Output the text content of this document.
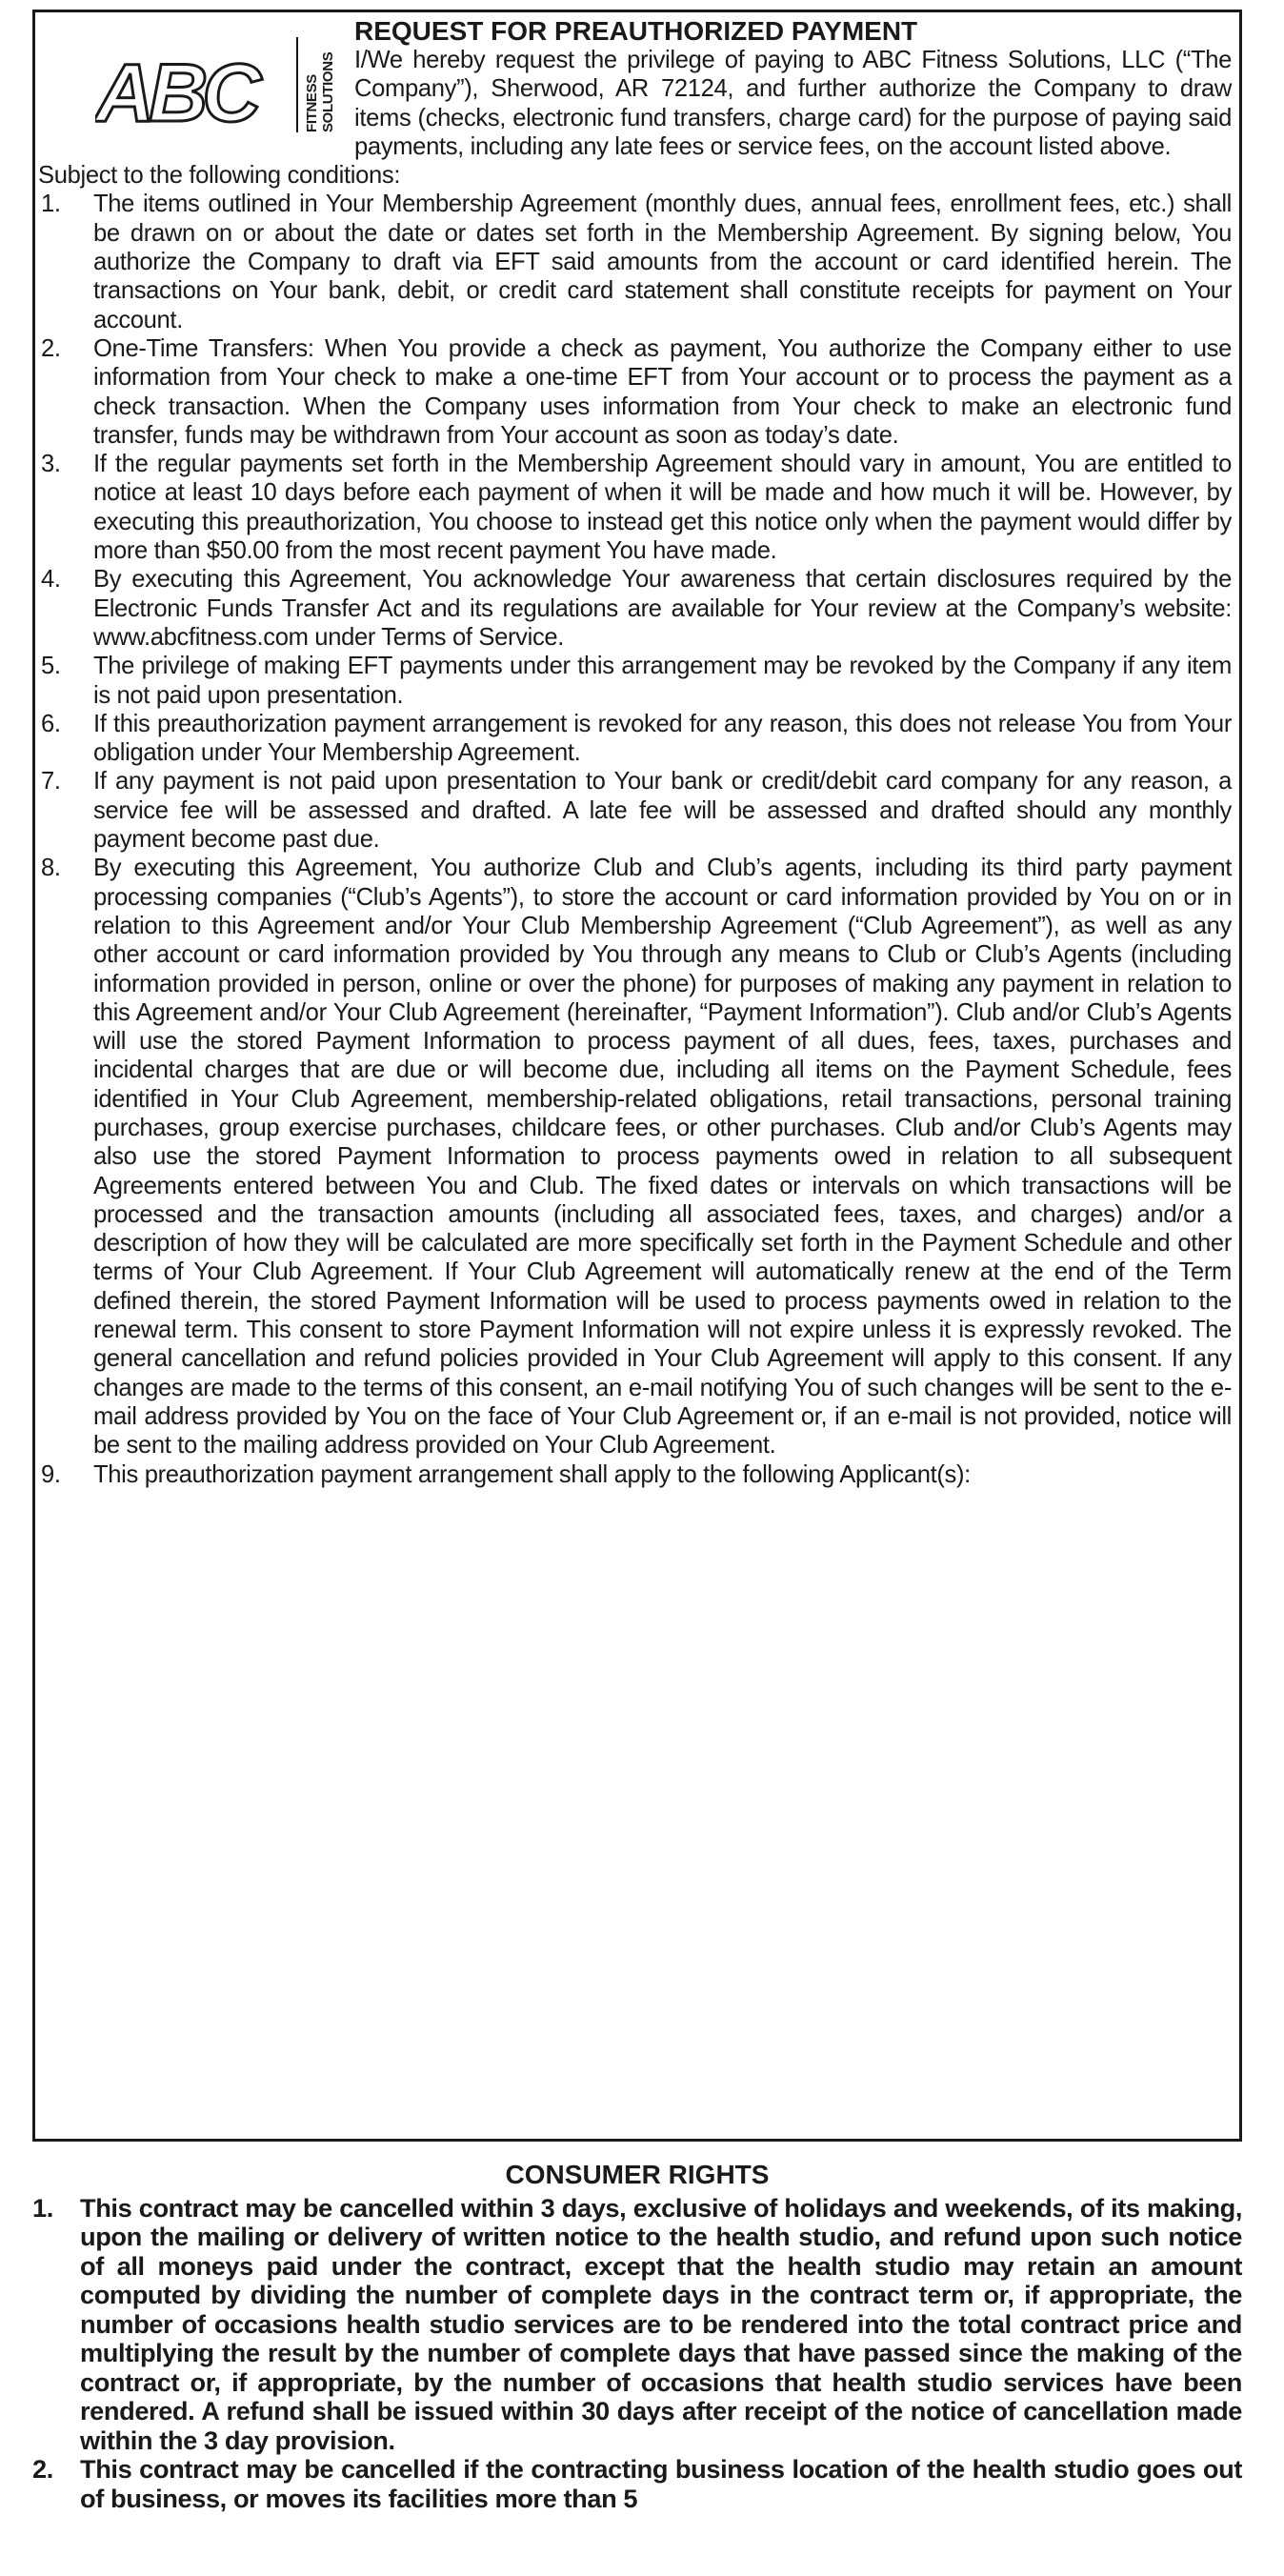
ABC	FITNESS SOLUTIONS
REQUEST FOR PREAUTHORIZED PAYMENT
I/We hereby request the privilege of paying to ABC Fitness Solutions, LLC (“The Company”), Sherwood, AR 72124, and further authorize the Company to draw items (checks, electronic fund transfers, charge card) for the purpose of paying said payments, including any late fees or service fees, on the account listed above.
Subject to the following conditions:
1. The items outlined in Your Membership Agreement (monthly dues, annual fees, enrollment fees, etc.) shall be drawn on or about the date or dates set forth in the Membership Agreement. By signing below, You authorize the Company to draft via EFT said amounts from the account or card identified herein. The transactions on Your bank, debit, or credit card statement shall constitute receipts for payment on Your account.
2. One-Time Transfers: When You provide a check as payment, You authorize the Company either to use information from Your check to make a one-time EFT from Your account or to process the payment as a check transaction. When the Company uses information from Your check to make an electronic fund transfer, funds may be withdrawn from Your account as soon as today’s date.
3. If the regular payments set forth in the Membership Agreement should vary in amount, You are entitled to notice at least 10 days before each payment of when it will be made and how much it will be. However, by executing this preauthorization, You choose to instead get this notice only when the payment would differ by more than $50.00 from the most recent payment You have made.
4. By executing this Agreement, You acknowledge Your awareness that certain disclosures required by the Electronic Funds Transfer Act and its regulations are available for Your review at the Company’s website: www.abcfitness.com under Terms of Service.
5. The privilege of making EFT payments under this arrangement may be revoked by the Company if any item is not paid upon presentation.
6. If this preauthorization payment arrangement is revoked for any reason, this does not release You from Your obligation under Your Membership Agreement.
7. If any payment is not paid upon presentation to Your bank or credit/debit card company for any reason, a service fee will be assessed and drafted. A late fee will be assessed and drafted should any monthly payment become past due.
8. By executing this Agreement, You authorize Club and Club’s agents, including its third party payment processing companies (“Club’s Agents”), to store the account or card information provided by You on or in relation to this Agreement and/or Your Club Membership Agreement (“Club Agreement”), as well as any other account or card information provided by You through any means to Club or Club’s Agents (including information provided in person, online or over the phone) for purposes of making any payment in relation to this Agreement and/or Your Club Agreement (hereinafter, “Payment Information”). Club and/or Club’s Agents will use the stored Payment Information to process payment of all dues, fees, taxes, purchases and incidental charges that are due or will become due, including all items on the Payment Schedule, fees identified in Your Club Agreement, membership-related obligations, retail transactions, personal training purchases, group exercise purchases, childcare fees, or other purchases. Club and/or Club’s Agents may also use the stored Payment Information to process payments owed in relation to all subsequent Agreements entered between You and Club. The fixed dates or intervals on which transactions will be processed and the transaction amounts (including all associated fees, taxes, and charges) and/or a description of how they will be calculated are more specifically set forth in the Payment Schedule and other terms of Your Club Agreement. If Your Club Agreement will automatically renew at the end of the Term defined therein, the stored Payment Information will be used to process payments owed in relation to the renewal term. This consent to store Payment Information will not expire unless it is expressly revoked. The general cancellation and refund policies provided in Your Club Agreement will apply to this consent. If any changes are made to the terms of this consent, an e-mail notifying You of such changes will be sent to the e-mail address provided by You on the face of Your Club Agreement or, if an e-mail is not provided, notice will be sent to the mailing address provided on Your Club Agreement.
9. This preauthorization payment arrangement shall apply to the following Applicant(s):
CONSUMER RIGHTS
1. This contract may be cancelled within 3 days, exclusive of holidays and weekends, of its making, upon the mailing or delivery of written notice to the health studio, and refund upon such notice of all moneys paid under the contract, except that the health studio may retain an amount computed by dividing the number of complete days in the contract term or, if appropriate, the number of occasions health studio services are to be rendered into the total contract price and multiplying the result by the number of complete days that have passed since the making of the contract or, if appropriate, by the number of occasions that health studio services have been rendered. A refund shall be issued within 30 days after receipt of the notice of cancellation made within the 3 day provision.
2. This contract may be cancelled if the contracting business location of the health studio goes out of business, or moves its facilities more than 5
